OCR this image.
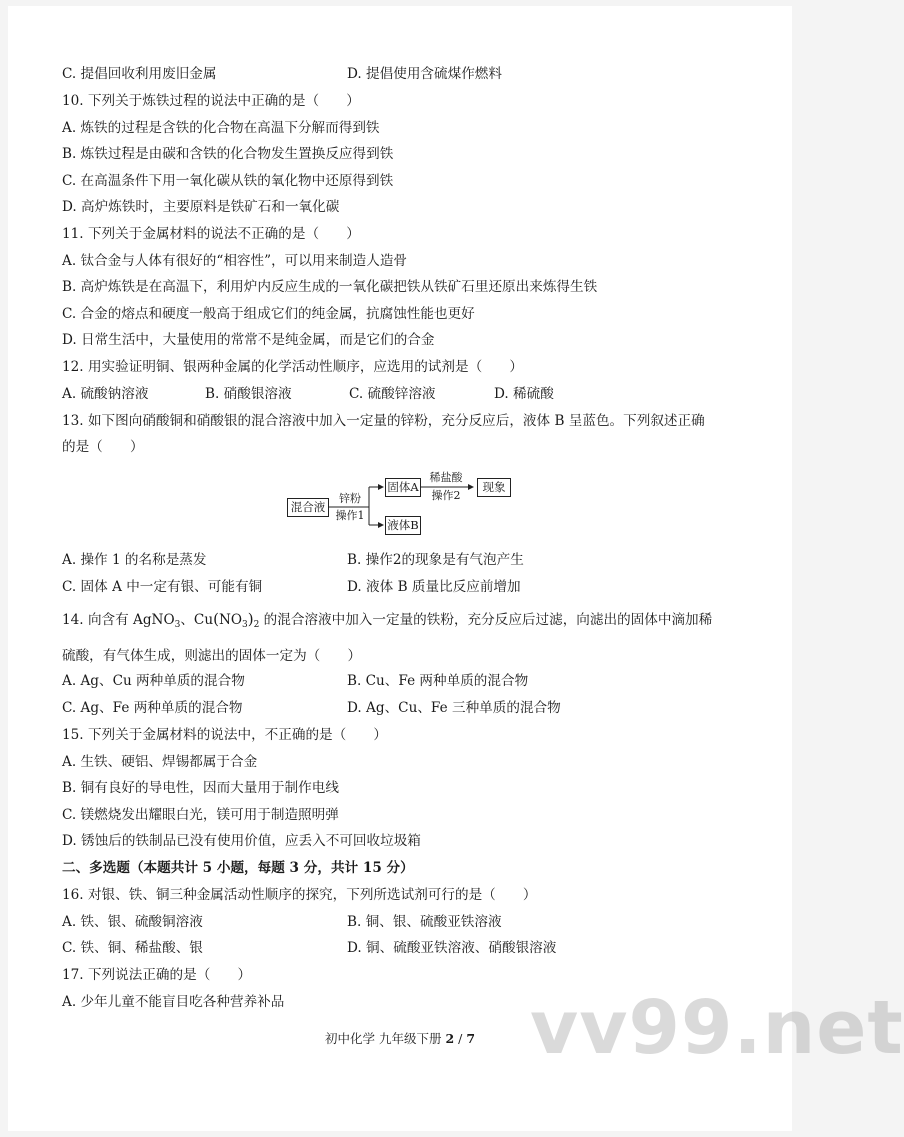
C. 提倡回收利用废旧金属	D. 提倡使用含硫煤作燃料
10. 下列关于炼铁过程的说法中正确的是（　　）
A. 炼铁的过程是含铁的化合物在高温下分解而得到铁
B. 炼铁过程是由碳和含铁的化合物发生置换反应得到铁
C. 在高温条件下用一氧化碳从铁的氧化物中还原得到铁
D. 高炉炼铁时，主要原料是铁矿石和一氧化碳
11. 下列关于金属材料的说法不正确的是（　　）
A. 钛合金与人体有很好的“相容性”，可以用来制造人造骨
B. 高炉炼铁是在高温下，利用炉内反应生成的一氧化碳把铁从铁矿石里还原出来炼得生铁
C. 合金的熔点和硬度一般高于组成它们的纯金属，抗腐蚀性能也更好
D. 日常生活中，大量使用的常常不是纯金属，而是它们的合金
12. 用实验证明铜、银两种金属的化学活动性顺序，应选用的试剂是（　　）
A. 硫酸钠溶液	B. 硝酸银溶液	C. 硫酸锌溶液	D. 稀硫酸
13. 如下图向硝酸铜和硝酸银的混合溶液中加入一定量的锌粉，充分反应后，液体 B 呈蓝色。下列叙述正确
的是（　　）
混合液
锌粉
操作1
固体A
稀盐酸
操作2
现象
液体B
A. 操作 1 的名称是蒸发	B. 操作2的现象是有气泡产生
C. 固体 A 中一定有银、可能有铜	D. 液体 B 质量比反应前增加
14. 向含有 AgNO$_3$、$Cu(NO_3)_2$ 的混合溶液中加入一定量的铁粉，充分反应后过滤，向滤出的固体中滴加稀
硫酸，有气体生成，则滤出的固体一定为（　　）
A. Ag、Cu 两种单质的混合物	B. Cu、Fe 两种单质的混合物
C. Ag、Fe 两种单质的混合物	D. Ag、Cu、Fe 三种单质的混合物
15. 下列关于金属材料的说法中，不正确的是（　　）
A. 生铁、硬铝、焊锡都属于合金
B. 铜有良好的导电性，因而大量用于制作电线
C. 镁燃烧发出耀眼白光，镁可用于制造照明弹
D. 锈蚀后的铁制品已没有使用价值，应丢入不可回收垃圾箱
二、多选题（本题共计 5 小题，每题 3 分，共计 15 分）
16. 对银、铁、铜三种金属活动性顺序的探究，下列所选试剂可行的是（　　）
A. 铁、银、硫酸铜溶液	B. 铜、银、硫酸亚铁溶液
C. 铁、铜、稀盐酸、银	D. 铜、硫酸亚铁溶液、硝酸银溶液
17. 下列说法正确的是（　　）
A. 少年儿童不能盲目吃各种营养补品	vv99.net
初中化学 九年级下册 2 / 7
